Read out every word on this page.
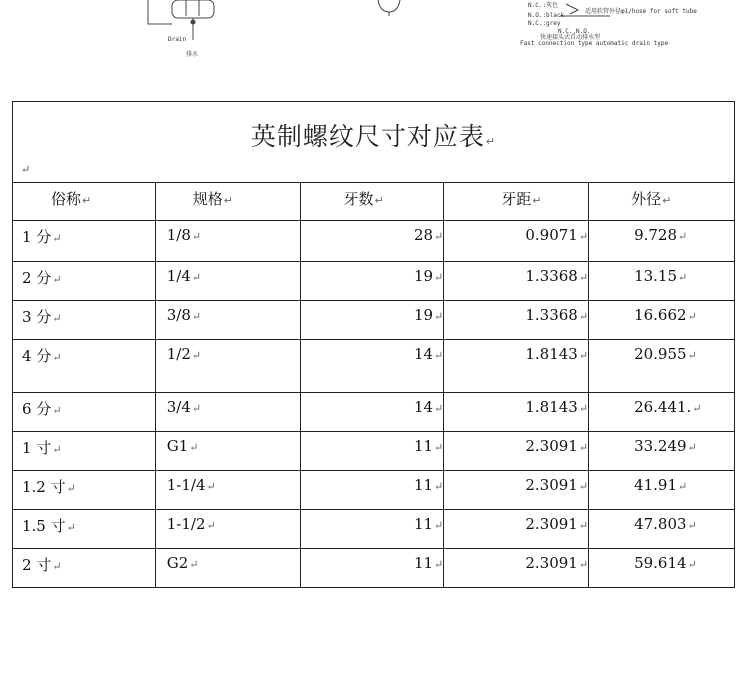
Drain
排水
N.C.:灰色
N.O.:black
N.C.:grey
适用软管外径φ1/hose for soft tube
N.C.,N.O.
快速接头式自动排水型
Fast connection type automatic drain type
英制螺纹尺寸对应表↵
↵				

俗称↵	规格↵	牙数↵	牙距↵	外径↵
1 分↵	1/8↵	28↵	0.9071↵	9.728↵
2 分↵	1/4↵	19↵	1.3368↵	13.15↵
3 分↵	3/8↵	19↵	1.3368↵	16.662↵
4 分↵	1/2↵	14↵	1.8143↵	20.955↵
6 分↵	3/4↵	14↵	1.8143↵	26.441.↵
1 寸↵	G1↵	11↵	2.3091↵	33.249↵
1.2 寸↵	1-1/4↵	11↵	2.3091↵	41.91↵
1.5 寸↵	1-1/2↵	11↵	2.3091↵	47.803↵
2 寸↵	G2↵	11↵	2.3091↵	59.614↵
